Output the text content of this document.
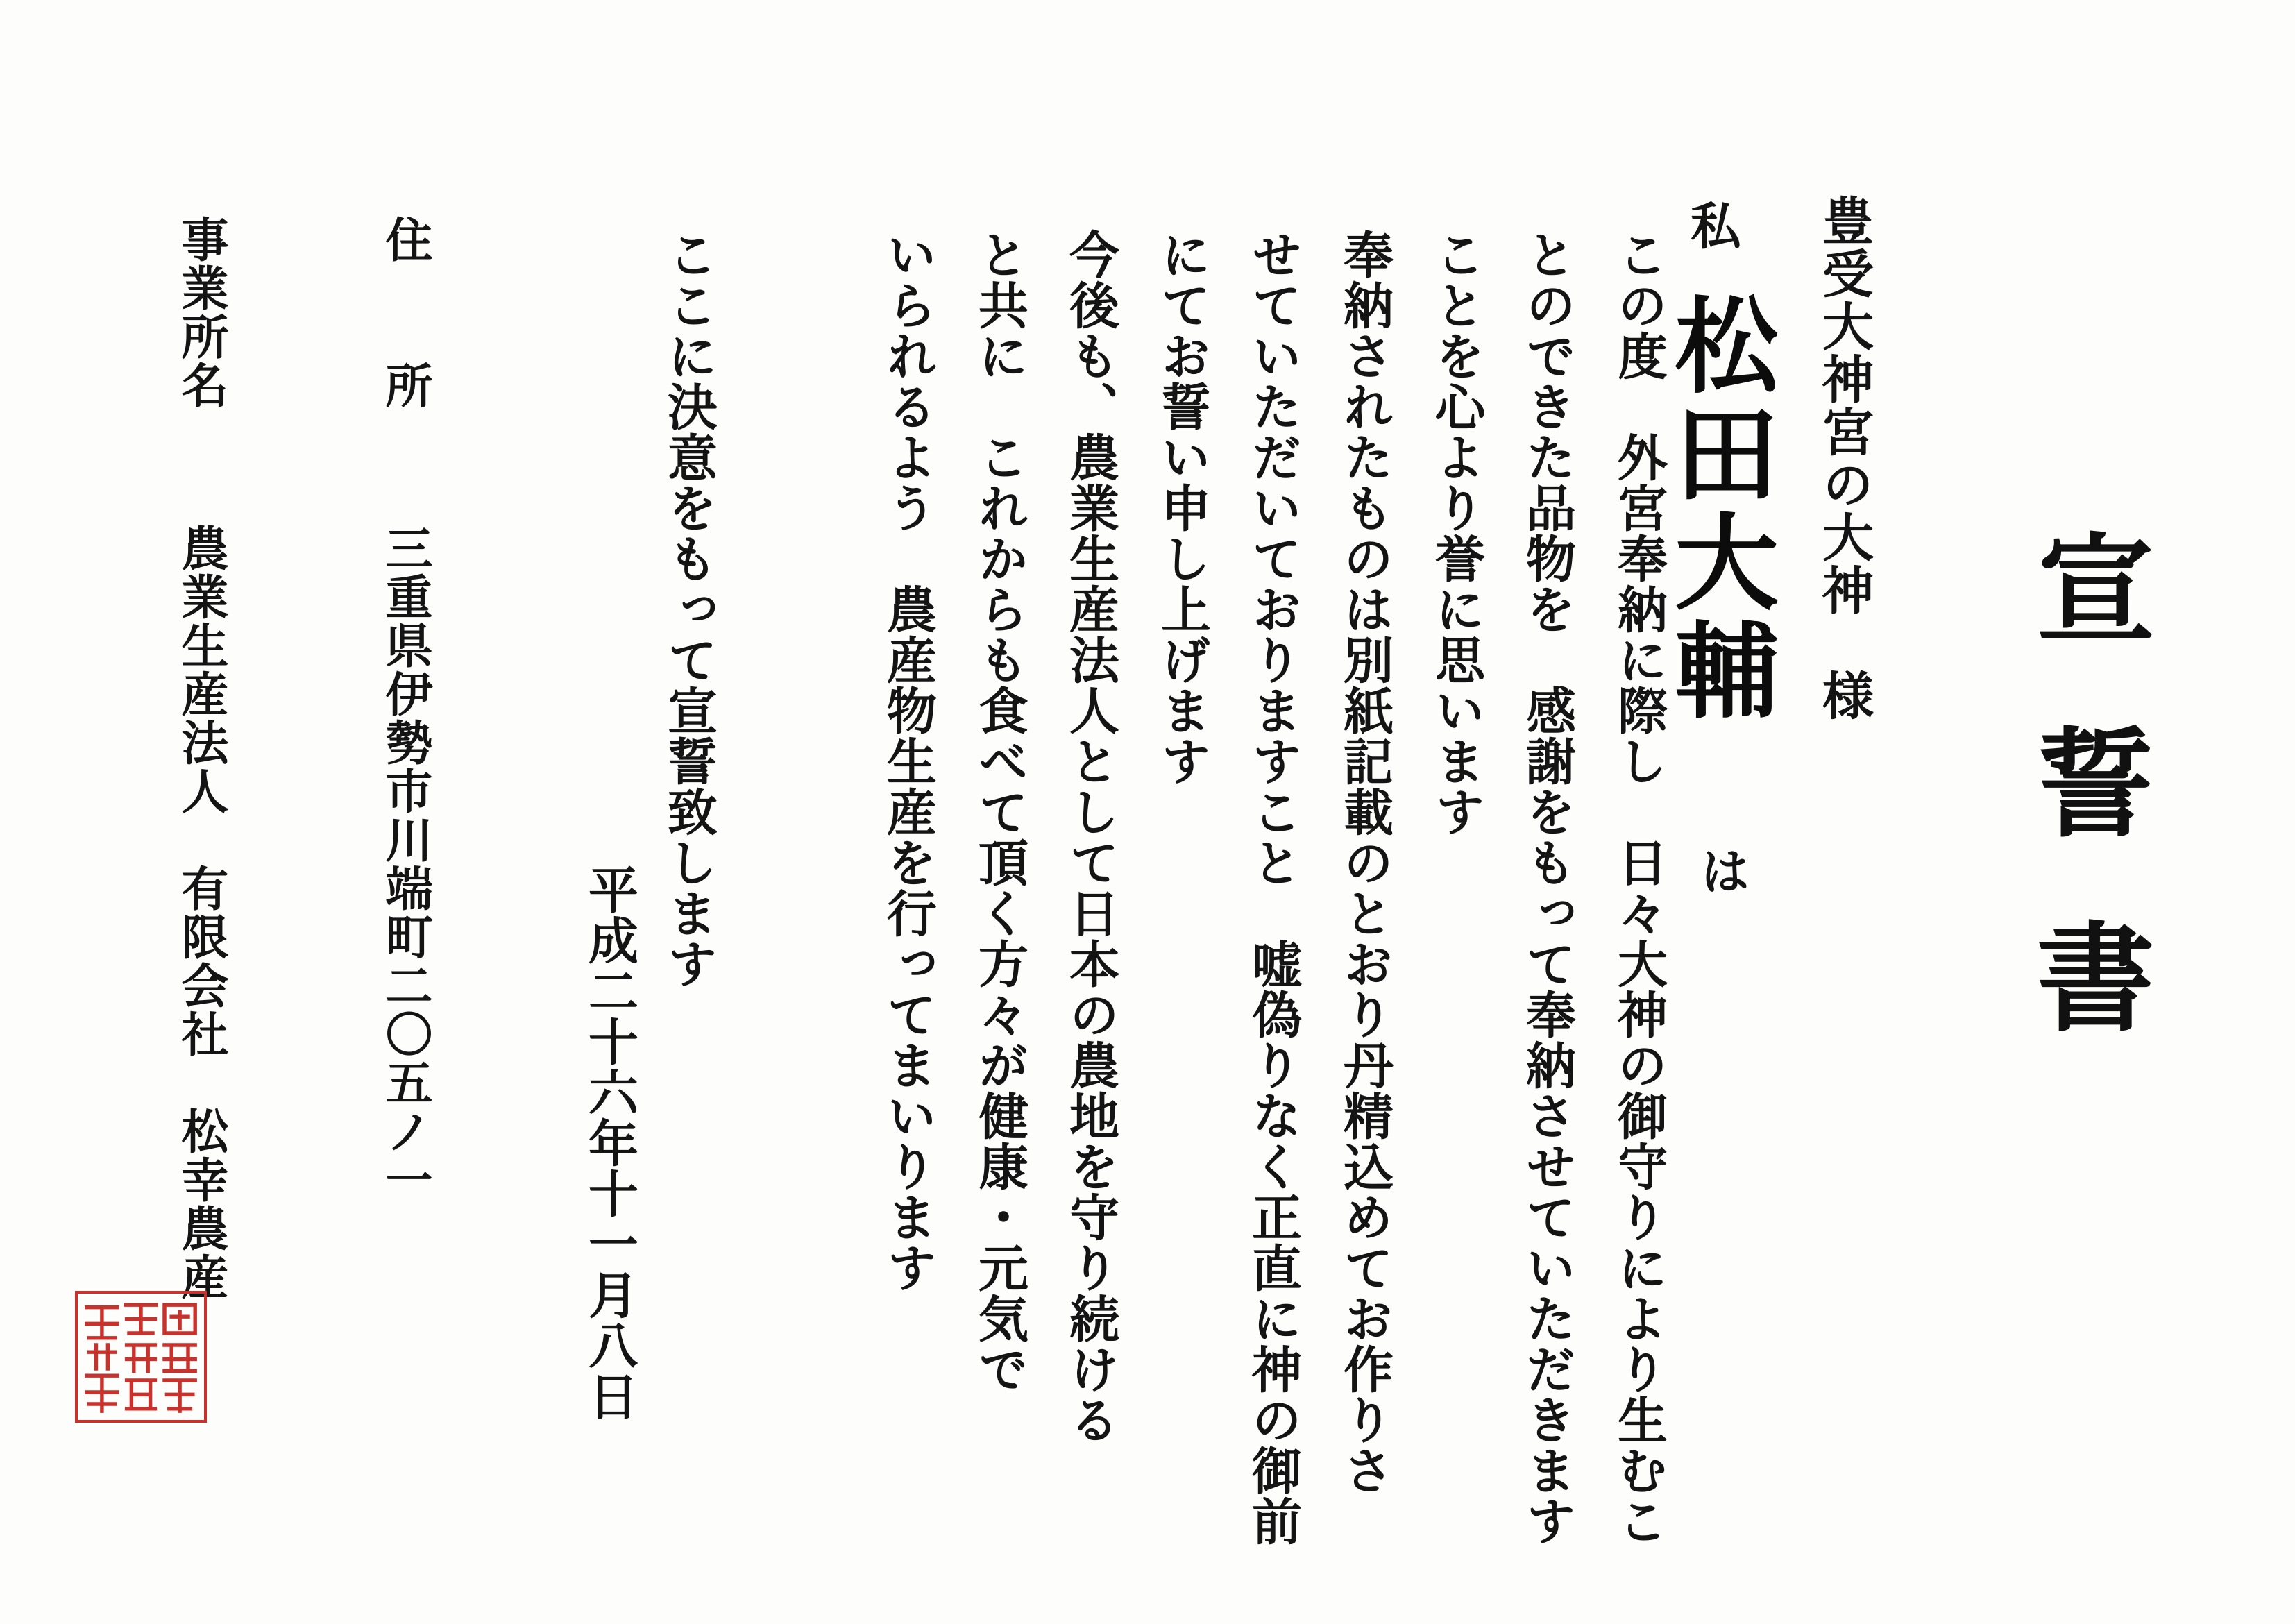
宣誓書
豊受大神宮の大神　様
私
松田大輔
は
この度　外宮奉納に際し　日々大神の御守りにより生むこ
とのできた品物を　感謝をもって奉納させていただきます
ことを心より誉に思います
奉納されたものは別紙記載のとおり丹精込めてお作りさ
せていただいておりますこと　嘘偽りなく正直に神の御前
にてお誓い申し上げます
今後も、農業生産法人として日本の農地を守り続ける
と共に　これからも食べて頂く方々が健康・元気で
いられるよう　農産物生産を行ってまいります
ここに決意をもって宣誓致します
平成二十六年十一月八日
住　　所
三重県伊勢市川端町二〇五ノ一
事業所名
農業生産法人　有限会社　松幸農産
